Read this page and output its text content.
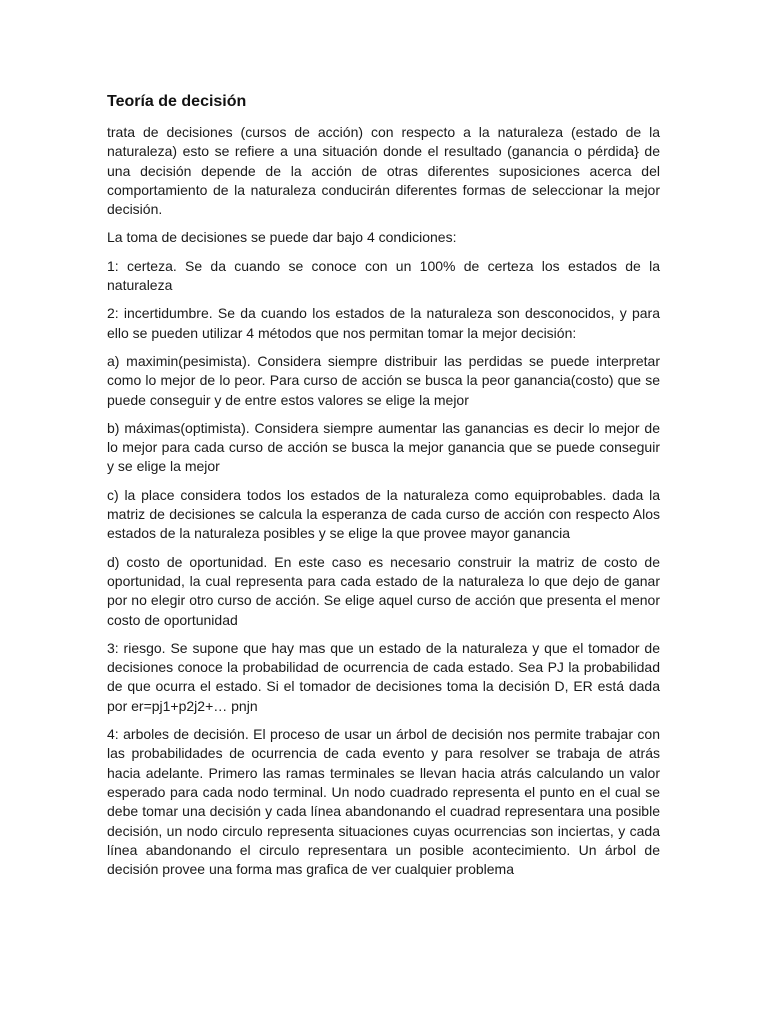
Teoría de decisión

trata de decisiones (cursos de acción) con respecto a la naturaleza (estado de la naturaleza) esto se refiere a una situación donde el resultado (ganancia o pérdida} de una decisión depende de la acción de otras diferentes suposiciones acerca del comportamiento de la naturaleza conducirán diferentes formas de seleccionar la mejor decisión.

La toma de decisiones se puede dar bajo 4 condiciones:

1: certeza. Se da cuando se conoce con un 100% de certeza los estados de la naturaleza

2: incertidumbre. Se da cuando los estados de la naturaleza son desconocidos, y para ello se pueden utilizar 4 métodos que nos permitan tomar la mejor decisión:

a) maximin(pesimista). Considera siempre distribuir las perdidas se puede interpretar como lo mejor de lo peor. Para curso de acción se busca la peor ganancia(costo) que se puede conseguir y de entre estos valores se elige la mejor

b) máximas(optimista). Considera siempre aumentar las ganancias es decir lo mejor de lo mejor para cada curso de acción se busca la mejor ganancia que se puede conseguir y se elige la mejor

c) la place considera todos los estados de la naturaleza como equiprobables. dada la matriz de decisiones se calcula la esperanza de cada curso de acción con respecto Alos estados de la naturaleza posibles y se elige la que provee mayor ganancia

d) costo de oportunidad. En este caso es necesario construir la matriz de costo de oportunidad, la cual representa para cada estado de la naturaleza lo que dejo de ganar por no elegir otro curso de acción. Se elige aquel curso de acción que presenta el menor costo de oportunidad

3: riesgo. Se supone que hay mas que un estado de la naturaleza y que el tomador de decisiones conoce la probabilidad de ocurrencia de cada estado. Sea PJ la probabilidad de que ocurra el estado. Si el tomador de decisiones toma la decisión D, ER está dada por er=pj1+p2j2+… pnjn

4: arboles de decisión. El proceso de usar un árbol de decisión nos permite trabajar con las probabilidades de ocurrencia de cada evento y para resolver se trabaja de atrás hacia adelante. Primero las ramas terminales se llevan hacia atrás calculando un valor esperado para cada nodo terminal. Un nodo cuadrado representa el punto en el cual se debe tomar una decisión y cada línea abandonando el cuadrad representara una posible decisión, un nodo circulo representa situaciones cuyas ocurrencias son inciertas, y cada línea abandonando el circulo representara un posible acontecimiento. Un árbol de decisión provee una forma mas grafica de ver cualquier problema
